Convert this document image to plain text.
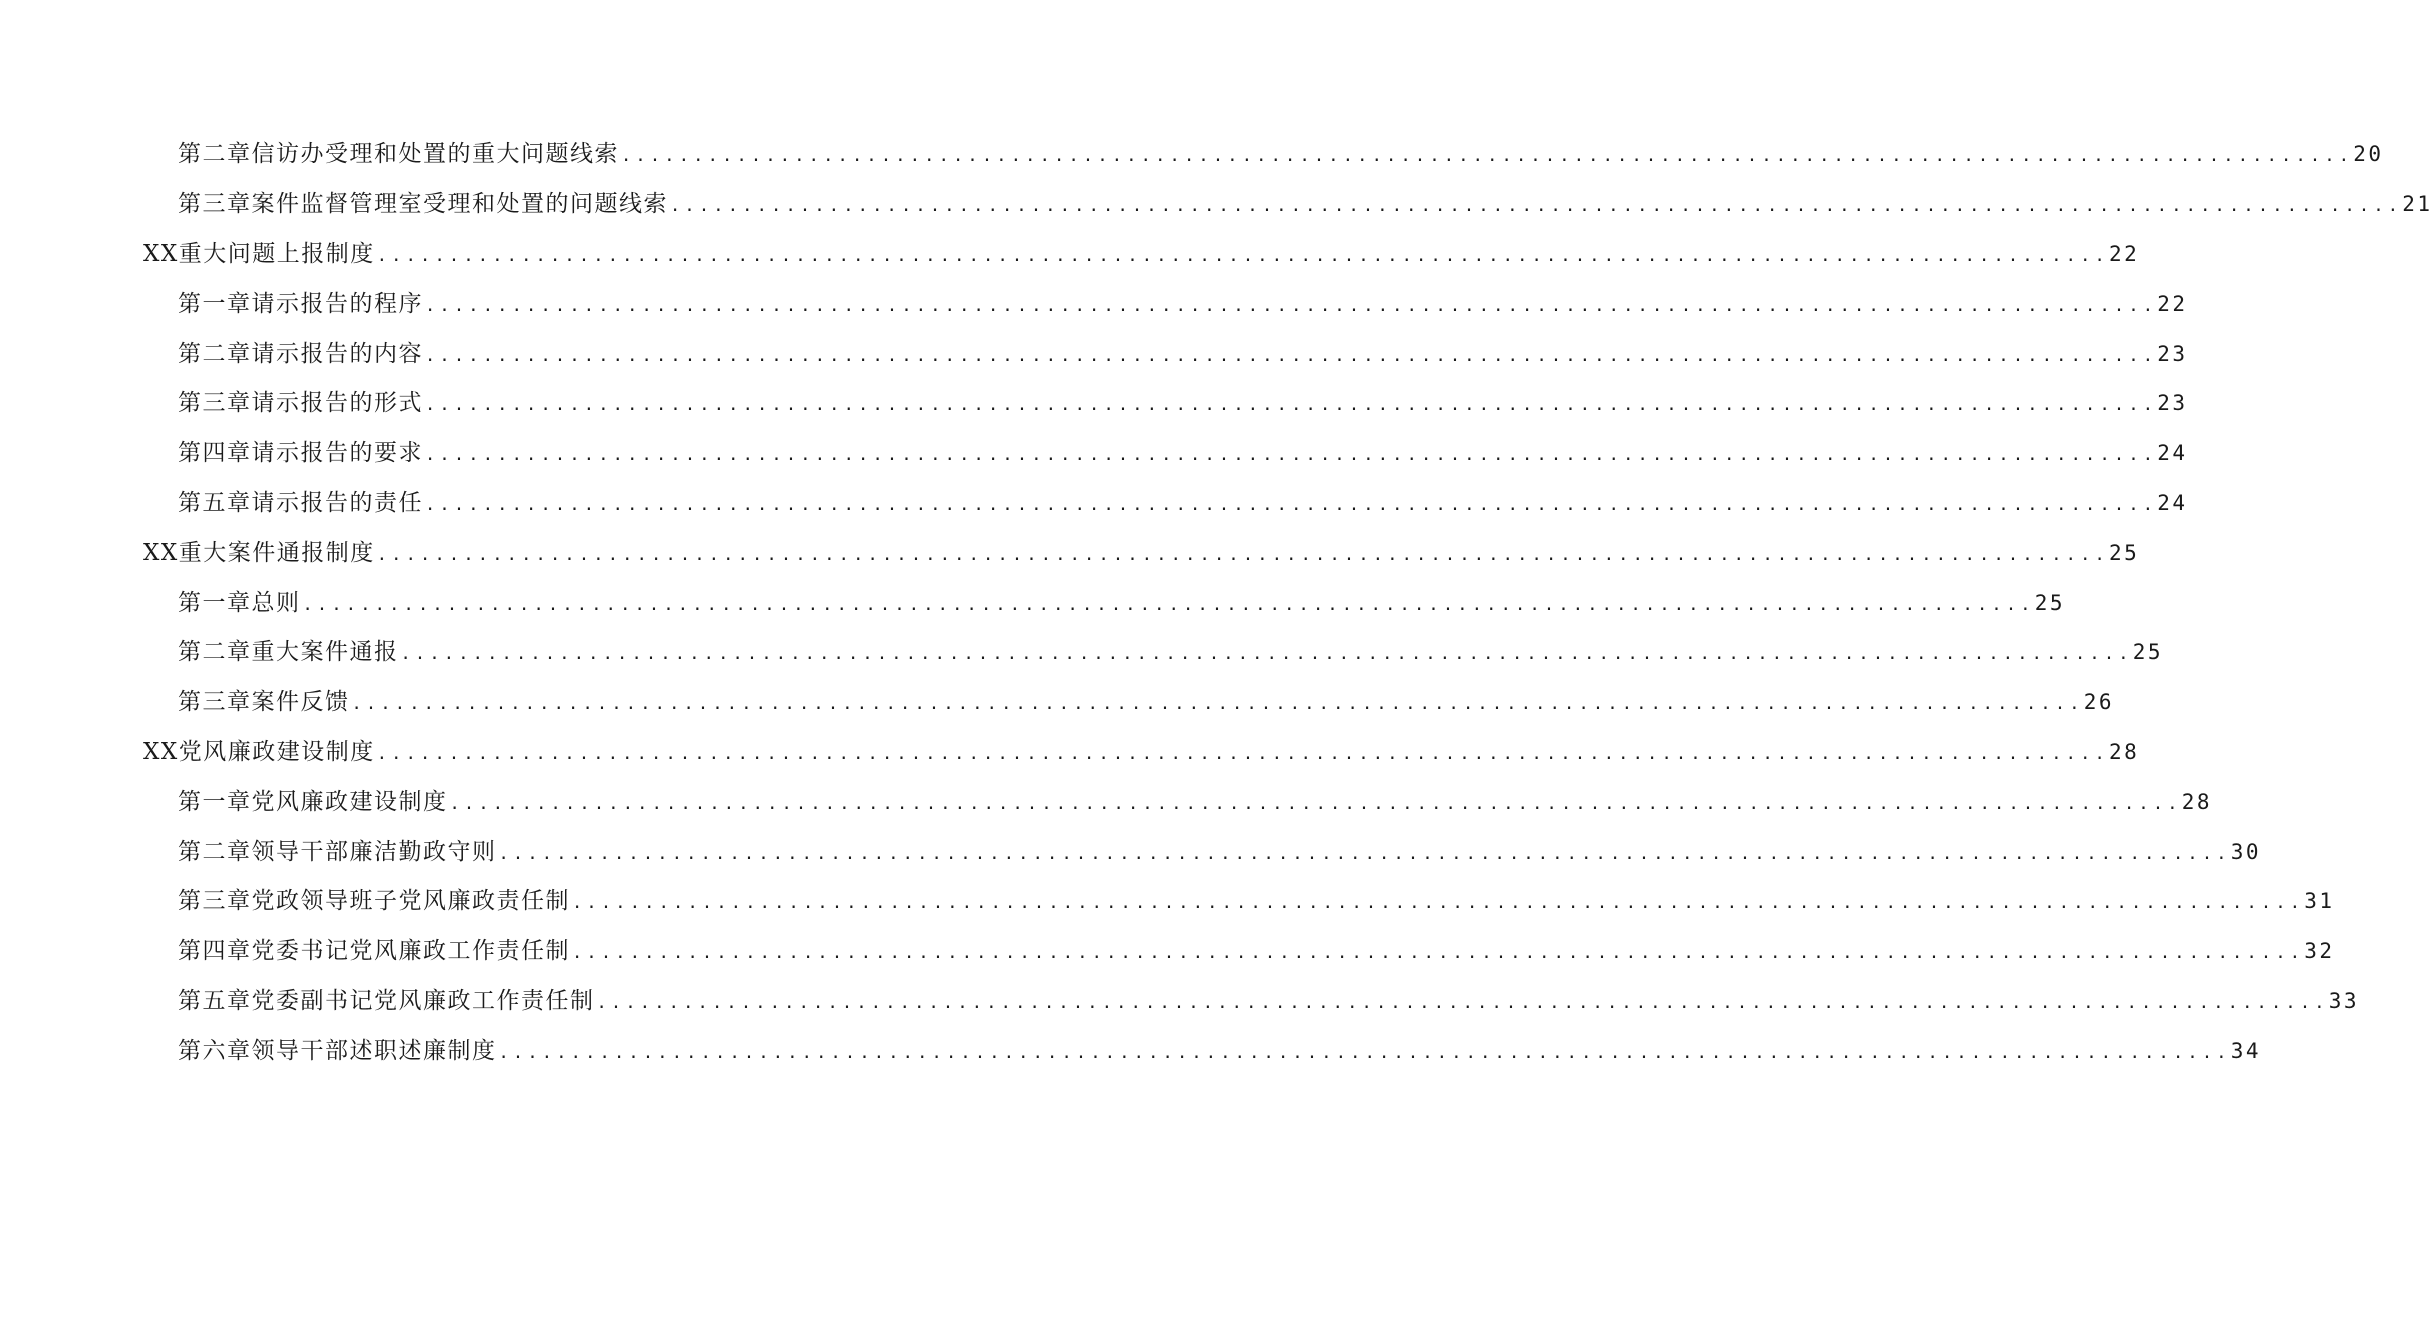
第二章 信访办受理和处置的重大问题线索 ........................................................................................................................ 20
第三章 案件监督管理室受理和处置的问题线索 ........................................................................................................................ 21
XX重大问题上报制度 ........................................................................................................................ 22
第一章 请示报告的程序 ........................................................................................................................ 22
第二章 请示报告的内容 ........................................................................................................................ 23
第三章 请示报告的形式 ........................................................................................................................ 23
第四章 请示报告的要求 ........................................................................................................................ 24
第五章 请示报告的责任 ........................................................................................................................ 24
XX重大案件通报制度 ........................................................................................................................ 25
第一章 总则 ........................................................................................................................ 25
第二章 重大案件通报 ........................................................................................................................ 25
第三章 案件反馈 ........................................................................................................................ 26
XX党风廉政建设制度 ........................................................................................................................ 28
第一章 党风廉政建设制度 ........................................................................................................................ 28
第二章 领导干部廉洁勤政守则 ........................................................................................................................ 30
第三章 党政领导班子党风廉政责任制 ........................................................................................................................ 31
第四章 党委书记党风廉政工作责任制 ........................................................................................................................ 32
第五章 党委副书记党风廉政工作责任制 ........................................................................................................................ 33
第六章 领导干部述职述廉制度 ........................................................................................................................ 34
